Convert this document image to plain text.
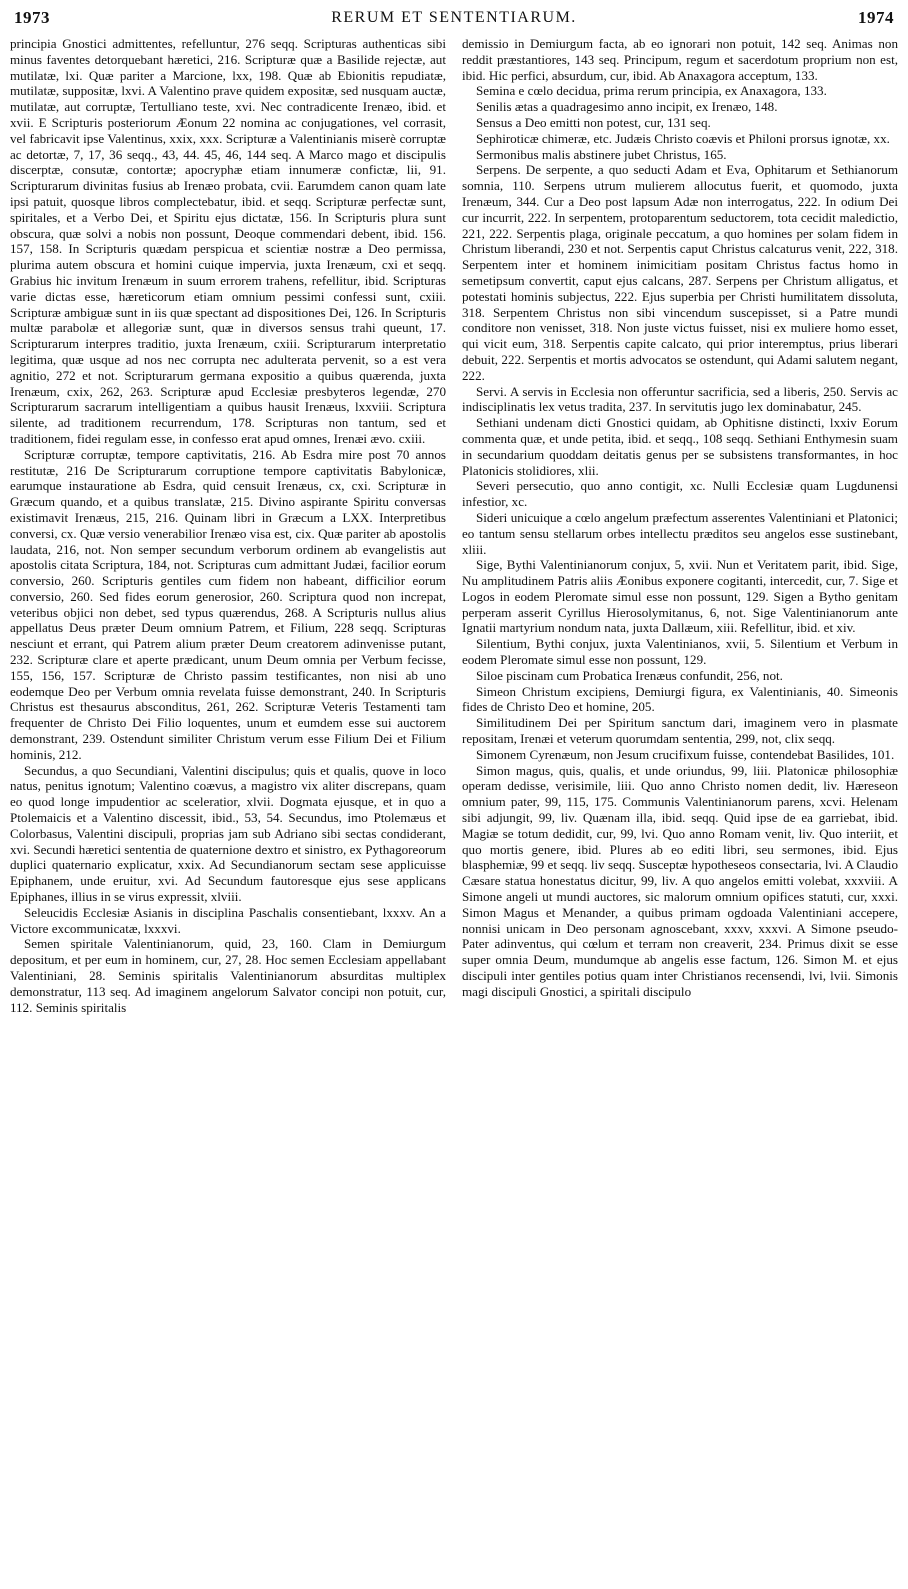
1973	RERUM ET SENTENTIARUM.	1974

principia Gnostici admittentes, refelluntur, 276 seqq. Scripturas authenticas sibi minus faventes detorquebant hæretici, 216. Scripturæ quæ a Basilide rejectæ, aut mutilatæ, lxi. Quæ pariter a Marcione, lxx, 198. Quæ ab Ebionitis repudiatæ, mutilatæ, suppositæ, lxvi. A Valentino prave quidem expositæ, sed nusquam auctæ, mutilatæ, aut corruptæ, Tertulliano teste, xvi. Nec contradicente Irenæo, ibid. et xvii. E Scripturis posteriorum Æonum 22 nomina ac conjugationes, vel corrasit, vel fabricavit ipse Valentinus, xxix, xxx. Scripturæ a Valentinianis miserè corruptæ ac detortæ, 7, 17, 36 seqq., 43, 44. 45, 46, 144 seq. A Marco mago et discipulis discerptæ, consutæ, contortæ; apocryphæ etiam innumeræ confictæ, lii, 91. Scripturarum divinitas fusius ab Irenæo probata, cvii. Earumdem canon quam late ipsi patuit, quosque libros complectebatur, ibid. et seqq. Scripturæ perfectæ sunt, spiritales, et a Verbo Dei, et Spiritu ejus dictatæ, 156. In Scripturis plura sunt obscura, quæ solvi a nobis non possunt, Deoque commendari debent, ibid. 156. 157, 158. In Scripturis quædam perspicua et scientiæ nostræ a Deo permissa, plurima autem obscura et homini cuique impervia, juxta Irenæum, cxi et seqq. Grabius hic invitum Irenæum in suum errorem trahens, refellitur, ibid. Scripturas varie dictas esse, hæreticorum etiam omnium pessimi confessi sunt, cxiii. Scripturæ ambiguæ sunt in iis quæ spectant ad dispositiones Dei, 126. In Scripturis multæ parabolæ et allegoriæ sunt, quæ in diversos sensus trahi queunt, 17. Scripturarum interpres traditio, juxta Irenæum, cxiii. Scripturarum interpretatio legitima, quæ usque ad nos nec corrupta nec adulterata pervenit, so a est vera agnitio, 272 et not. Scripturarum germana expositio a quibus quærenda, juxta Irenæum, cxix, 262, 263. Scripturæ apud Ecclesiæ presbyteros legendæ, 270 Scripturarum sacrarum intelligentiam a quibus hausit Irenæus, lxxviii. Scriptura silente, ad traditionem recurrendum, 178. Scripturas non tantum, sed et traditionem, fidei regulam esse, in confesso erat apud omnes, Irenæi ævo. cxiii.

Scripturæ corruptæ, tempore captivitatis, 216. Ab Esdra mire post 70 annos restitutæ, 216 De Scripturarum corruptione tempore captivitatis Babylonicæ, earumque instauratione ab Esdra, quid censuit Irenæus, cx, cxi. Scripturæ in Græcum quando, et a quibus translatæ, 215. Divino aspirante Spiritu conversas existimavit Irenæus, 215, 216. Quinam libri in Græcum a LXX. Interpretibus conversi, cx. Quæ versio venerabilior Irenæo visa est, cix. Quæ pariter ab apostolis laudata, 216, not. Non semper secundum verborum ordinem ab evangelistis aut apostolis citata Scriptura, 184, not. Scripturas cum admittant Judæi, facilior eorum conversio, 260. Scripturis gentiles cum fidem non habeant, difficilior eorum conversio, 260. Sed fides eorum generosior, 260. Scriptura quod non increpat, veteribus objici non debet, sed typus quærendus, 268. A Scripturis nullus alius appellatus Deus præter Deum omnium Patrem, et Filium, 228 seqq. Scripturas nesciunt et errant, qui Patrem alium præter Deum creatorem adinvenisse putant, 232. Scripturæ clare et aperte prædicant, unum Deum omnia per Verbum fecisse, 155, 156, 157. Scripturæ de Christo passim testificantes, non nisi ab uno eodemque Deo per Verbum omnia revelata fuisse demonstrant, 240. In Scripturis Christus est thesaurus absconditus, 261, 262. Scripturæ Veteris Testamenti tam frequenter de Christo Dei Filio loquentes, unum et eumdem esse sui auctorem demonstrant, 239. Ostendunt similiter Christum verum esse Filium Dei et Filium hominis, 212.

Secundus, a quo Secundiani, Valentini discipulus; quis et qualis, quove in loco natus, penitus ignotum; Valentino coævus, a magistro vix aliter discrepans, quam eo quod longe impudentior ac sceleratior, xlvii. Dogmata ejusque, et in quo a Ptolemaicis et a Valentino discessit, ibid., 53, 54. Secundus, imo Ptolemæus et Colorbasus, Valentini discipuli, proprias jam sub Adriano sibi sectas condiderant, xvi. Secundi hæretici sententia de quaternione dextro et sinistro, ex Pythagoreorum duplici quaternario explicatur, xxix. Ad Secundianorum sectam sese applicuisse Epiphanem, unde eruitur, xvi. Ad Secundum fautoresque ejus sese applicans Epiphanes, illius in se virus expressit, xlviii.

Seleucidis Ecclesiæ Asianis in disciplina Paschalis consentiebant, lxxxv. An a Victore excommunicatæ, lxxxvi.

Semen spiritale Valentinianorum, quid, 23, 160. Clam in Demiurgum depositum, et per eum in hominem, cur, 27, 28. Hoc semen Ecclesiam appellabant Valentiniani, 28. Seminis spiritalis Valentinianorum absurditas multiplex demonstratur, 113 seq. Ad imaginem angelorum Salvator concipi non potuit, cur, 112. Seminis spiritalis

demissio in Demiurgum facta, ab eo ignorari non potuit, 142 seq. Animas non reddit præstantiores, 143 seq. Principum, regum et sacerdotum proprium non est, ibid. Hic perfici, absurdum, cur, ibid. Ab Anaxagora acceptum, 133.

Semina e cœlo decidua, prima rerum principia, ex Anaxagora, 133.

Senilis ætas a quadragesimo anno incipit, ex Irenæo, 148.

Sensus a Deo emitti non potest, cur, 131 seq.

Sephiroticæ chimeræ, etc. Judæis Christo coævis et Philoni prorsus ignotæ, xx.

Sermonibus malis abstinere jubet Christus, 165.

Serpens. De serpente, a quo seducti Adam et Eva, Ophitarum et Sethianorum somnia, 110. Serpens utrum mulierem allocutus fuerit, et quomodo, juxta Irenæum, 344. Cur a Deo post lapsum Adæ non interrogatus, 222. In odium Dei cur incurrit, 222. In serpentem, protoparentum seductorem, tota cecidit maledictio, 221, 222. Serpentis plaga, originale peccatum, a quo homines per solam fidem in Christum liberandi, 230 et not. Serpentis caput Christus calcaturus venit, 222, 318. Serpentem inter et hominem inimicitiam positam Christus factus homo in semetipsum convertit, caput ejus calcans, 287. Serpens per Christum alligatus, et potestati hominis subjectus, 222. Ejus superbia per Christi humilitatem dissoluta, 318. Serpentem Christus non sibi vincendum suscepisset, si a Patre mundi conditore non venisset, 318. Non juste victus fuisset, nisi ex muliere homo esset, qui vicit eum, 318. Serpentis capite calcato, qui prior interemptus, prius liberari debuit, 222. Serpentis et mortis advocatos se ostendunt, qui Adami salutem negant, 222.

Servi. A servis in Ecclesia non offeruntur sacrificia, sed a liberis, 250. Servis ac indisciplinatis lex vetus tradita, 237. In servitutis jugo lex dominabatur, 245.

Sethiani undenam dicti Gnostici quidam, ab Ophitisne distincti, lxxiv Eorum commenta quæ, et unde petita, ibid. et seqq., 108 seqq. Sethiani Enthymesin suam in secundarium quoddam deitatis genus per se subsistens transformantes, in hoc Platonicis stolidiores, xlii.

Severi persecutio, quo anno contigit, xc. Nulli Ecclesiæ quam Lugdunensi infestior, xc.

Sideri unicuique a cœlo angelum præfectum asserentes Valentiniani et Platonici; eo tantum sensu stellarum orbes intellectu præditos seu angelos esse sustinebant, xliii.

Sige, Bythi Valentinianorum conjux, 5, xvii. Nun et Veritatem parit, ibid. Sige, Nu amplitudinem Patris aliis Æonibus exponere cogitanti, intercedit, cur, 7. Sige et Logos in eodem Pleromate simul esse non possunt, 129. Sigen a Bytho genitam perperam asserit Cyrillus Hierosolymitanus, 6, not. Sige Valentinianorum ante Ignatii martyrium nondum nata, juxta Dallæum, xiii. Refellitur, ibid. et xiv.

Silentium, Bythi conjux, juxta Valentinianos, xvii, 5. Silentium et Verbum in eodem Pleromate simul esse non possunt, 129.

Siloe piscinam cum Probatica Irenæus confundit, 256, not.

Simeon Christum excipiens, Demiurgi figura, ex Valentinianis, 40. Simeonis fides de Christo Deo et homine, 205.

Similitudinem Dei per Spiritum sanctum dari, imaginem vero in plasmate repositam, Irenæi et veterum quorumdam sententia, 299, not, clix seqq.

Simonem Cyrenæum, non Jesum crucifixum fuisse, contendebat Basilides, 101.

Simon magus, quis, qualis, et unde oriundus, 99, liii. Platonicæ philosophiæ operam dedisse, verisimile, liii. Quo anno Christo nomen dedit, liv. Hæreseon omnium pater, 99, 115, 175. Communis Valentinianorum parens, xcvi. Helenam sibi adjungit, 99, liv. Quænam illa, ibid. seqq. Quid ipse de ea garriebat, ibid. Magiæ se totum dedidit, cur, 99, lvi. Quo anno Romam venit, liv. Quo interiit, et quo mortis genere, ibid. Plures ab eo editi libri, seu sermones, ibid. Ejus blasphemiæ, 99 et seqq. liv seqq. Susceptæ hypotheseos consectaria, lvi. A Claudio Cæsare statua honestatus dicitur, 99, liv. A quo angelos emitti volebat, xxxviii. A Simone angeli ut mundi auctores, sic malorum omnium opifices statuti, cur, xxxi. Simon Magus et Menander, a quibus primam ogdoada Valentiniani accepere, nonnisi unicam in Deo personam agnoscebant, xxxv, xxxvi. A Simone pseudo-Pater adinventus, qui cœlum et terram non creaverit, 234. Primus dixit se esse super omnia Deum, mundumque ab angelis esse factum, 126. Simon M. et ejus discipuli inter gentiles potius quam inter Christianos recensendi, lvi, lvii. Simonis magi discipuli Gnostici, a spiritali discipulo
